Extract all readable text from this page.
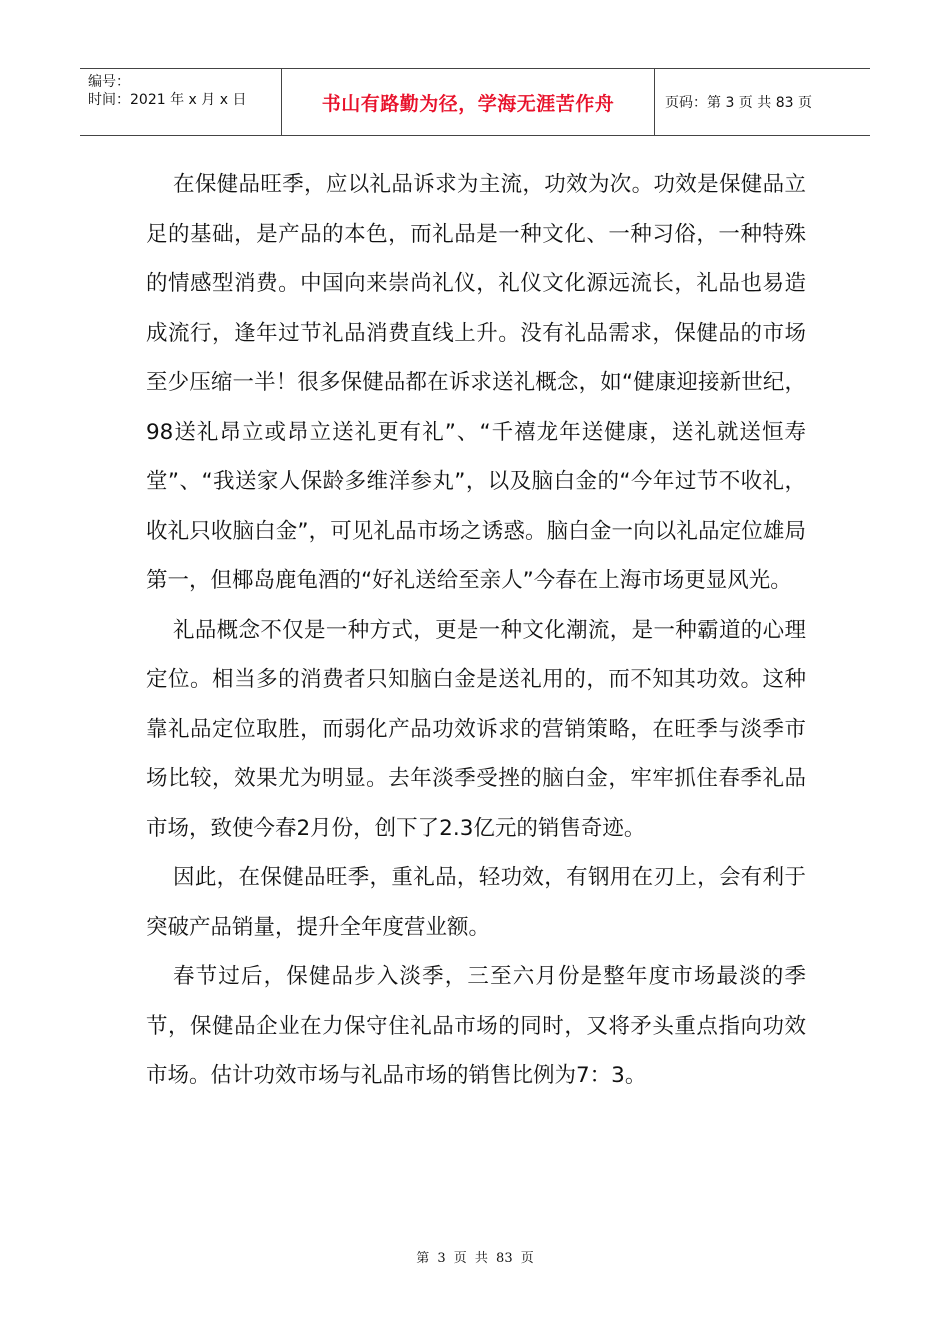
编号：
时间：2021 年 x 月 x 日	书山有路勤为径，学海无涯苦作舟	页码：第 3 页 共 83 页

在保健品旺季，应以礼品诉求为主流，功效为次。功效是保健品立足的基础，是产品的本色，而礼品是一种文化、一种习俗，一种特殊的情感型消费。中国向来崇尚礼仪，礼仪文化源远流长，礼品也易造成流行，逢年过节礼品消费直线上升。没有礼品需求，保健品的市场至少压缩一半！很多保健品都在诉求送礼概念，如“健康迎接新世纪，98送礼昂立或昂立送礼更有礼”、“千禧龙年送健康，送礼就送恒寿堂”、“我送家人保龄多维洋参丸”，以及脑白金的“今年过节不收礼，收礼只收脑白金”，可见礼品市场之诱惑。脑白金一向以礼品定位雄局第一，但椰岛鹿龟酒的“好礼送给至亲人”今春在上海市场更显风光。

礼品概念不仅是一种方式，更是一种文化潮流，是一种霸道的心理定位。相当多的消费者只知脑白金是送礼用的，而不知其功效。这种靠礼品定位取胜，而弱化产品功效诉求的营销策略，在旺季与淡季市场比较，效果尤为明显。去年淡季受挫的脑白金，牢牢抓住春季礼品市场，致使今春2月份，创下了2.3亿元的销售奇迹。

因此，在保健品旺季，重礼品，轻功效，有钢用在刃上，会有利于突破产品销量，提升全年度营业额。

春节过后，保健品步入淡季，三至六月份是整年度市场最淡的季节，保健品企业在力保守住礼品市场的同时，又将矛头重点指向功效市场。估计功效市场与礼品市场的销售比例为7：3。

第 3 页 共 83 页
